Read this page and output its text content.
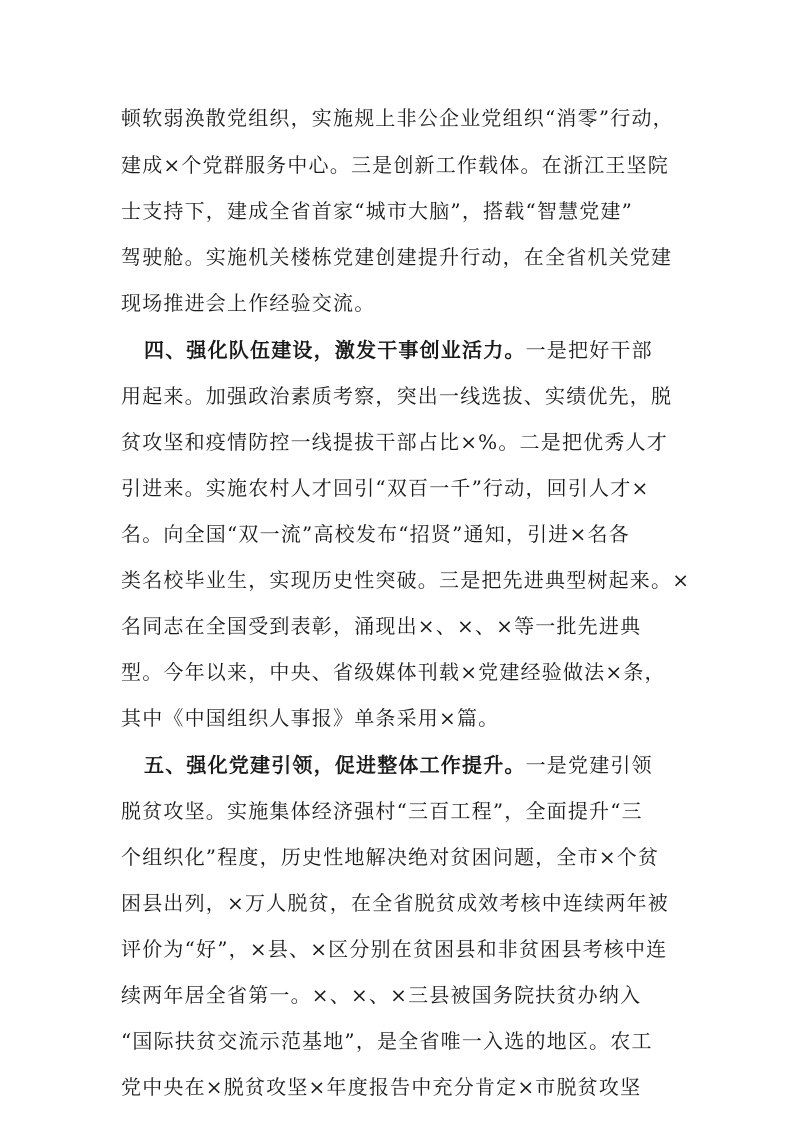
顿软弱涣散党组织，实施规上非公企业党组织“消零”行动，
建成×个党群服务中心。三是创新工作载体。在浙江王坚院
士支持下，建成全省首家“城市大脑”，搭载“智慧党建”
驾驶舱。实施机关楼栋党建创建提升行动，在全省机关党建
现场推进会上作经验交流。
四、强化队伍建设，激发干事创业活力。一是把好干部
用起来。加强政治素质考察，突出一线选拔、实绩优先，脱
贫攻坚和疫情防控一线提拔干部占比×%。二是把优秀人才
引进来。实施农村人才回引“双百一千”行动，回引人才×
名。向全国“双一流”高校发布“招贤”通知，引进×名各
类名校毕业生，实现历史性突破。三是把先进典型树起来。×
名同志在全国受到表彰，涌现出×、×、×等一批先进典
型。今年以来，中央、省级媒体刊载×党建经验做法×条，
其中《中国组织人事报》单条采用×篇。
五、强化党建引领，促进整体工作提升。一是党建引领
脱贫攻坚。实施集体经济强村“三百工程”，全面提升“三
个组织化”程度，历史性地解决绝对贫困问题，全市×个贫
困县出列，×万人脱贫，在全省脱贫成效考核中连续两年被
评价为“好”，×县、×区分别在贫困县和非贫困县考核中连
续两年居全省第一。×、×、×三县被国务院扶贫办纳入
“国际扶贫交流示范基地”，是全省唯一入选的地区。农工
党中央在×脱贫攻坚×年度报告中充分肯定×市脱贫攻坚
